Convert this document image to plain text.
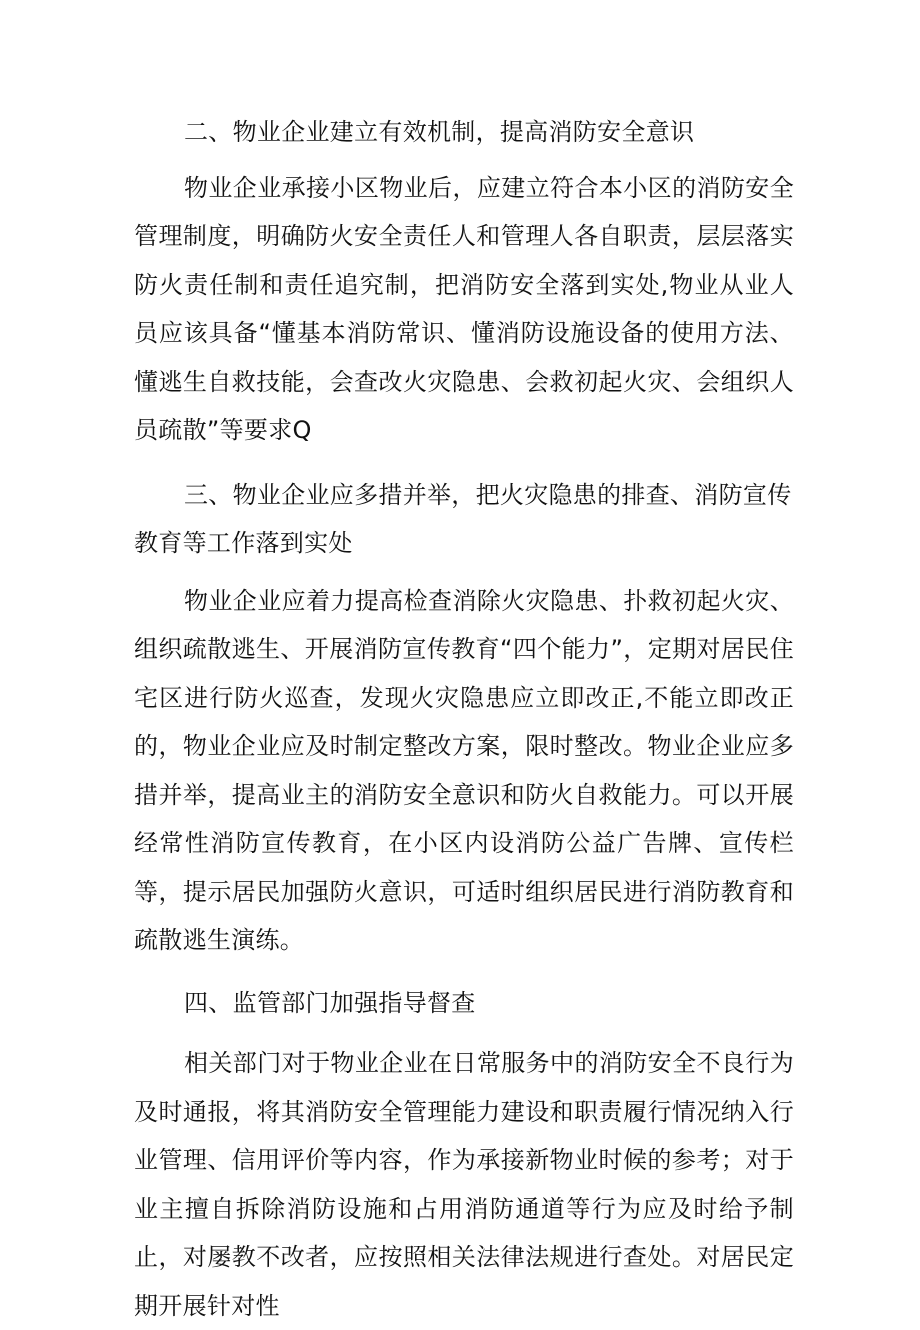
二、物业企业建立有效机制，提高消防安全意识

物业企业承接小区物业后，应建立符合本小区的消防安全管理制度，明确防火安全责任人和管理人各自职责，层层落实防火责任制和责任追究制，把消防安全落到实处,物业从业人员应该具备“懂基本消防常识、懂消防设施设备的使用方法、懂逃生自救技能，会查改火灾隐患、会救初起火灾、会组织人员疏散”等要求Q

三、物业企业应多措并举，把火灾隐患的排查、消防宣传教育等工作落到实处

物业企业应着力提高检查消除火灾隐患、扑救初起火灾、组织疏散逃生、开展消防宣传教育“四个能力”，定期对居民住宅区进行防火巡查，发现火灾隐患应立即改正,不能立即改正的，物业企业应及时制定整改方案，限时整改。物业企业应多措并举，提高业主的消防安全意识和防火自救能力。可以开展经常性消防宣传教育，在小区内设消防公益广告牌、宣传栏等，提示居民加强防火意识，可适时组织居民进行消防教育和疏散逃生演练。

四、监管部门加强指导督查

相关部门对于物业企业在日常服务中的消防安全不良行为及时通报，将其消防安全管理能力建设和职责履行情况纳入行业管理、信用评价等内容，作为承接新物业时候的参考；对于业主擅自拆除消防设施和占用消防通道等行为应及时给予制止，对屡教不改者，应按照相关法律法规进行查处。对居民定期开展针对性
